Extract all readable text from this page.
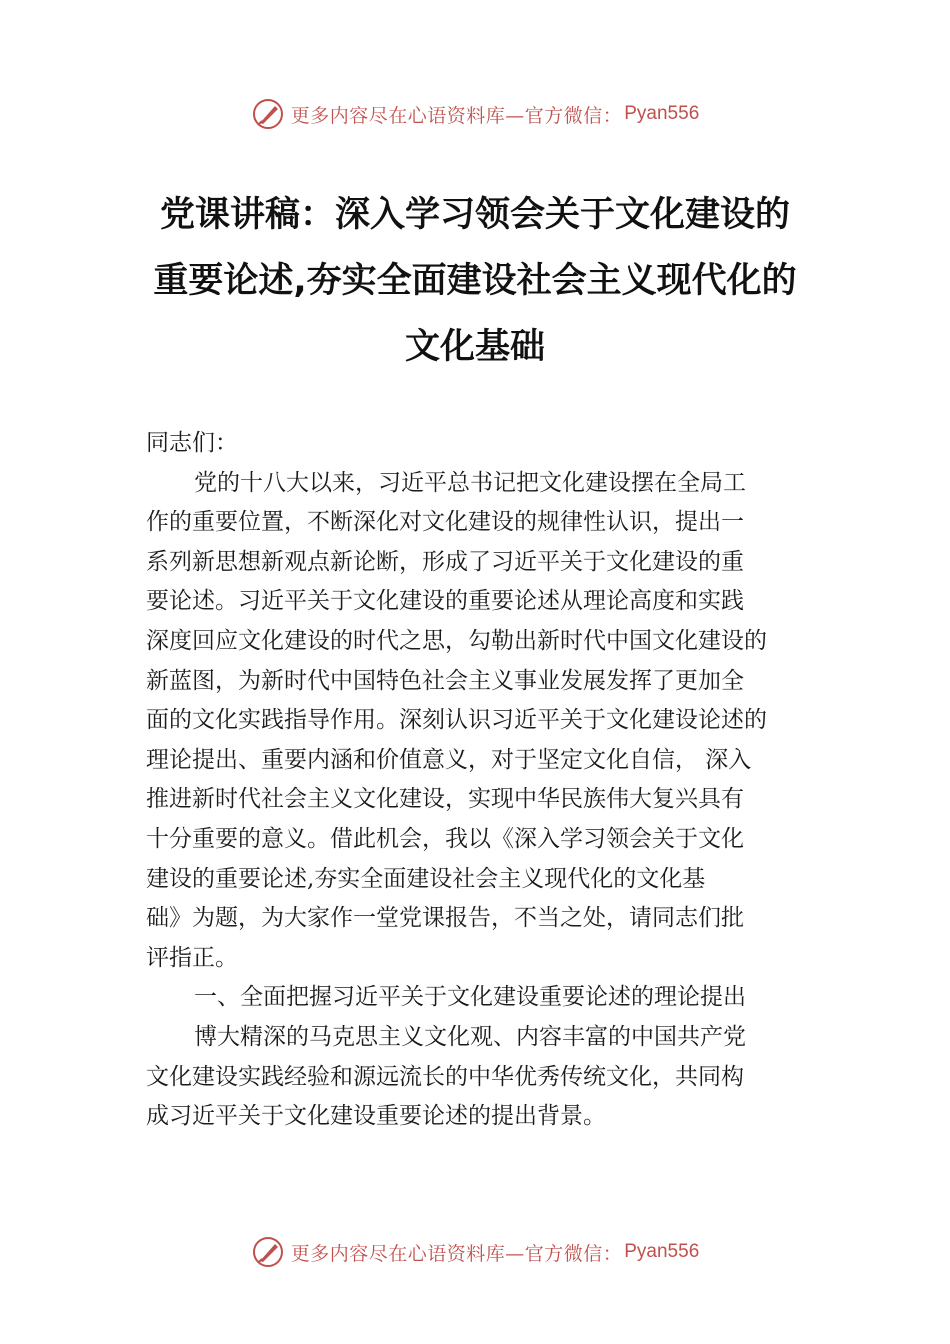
更多内容尽在心语资料库—官方微信： Pyan556
党课讲稿：深入学习领会关于文化建设的
重要论述,夯实全面建设社会主义现代化的
文化基础
同志们：
党的十八大以来，习近平总书记把文化建设摆在全局工
作的重要位置，不断深化对文化建设的规律性认识，提出一
系列新思想新观点新论断，形成了习近平关于文化建设的重
要论述。习近平关于文化建设的重要论述从理论高度和实践
深度回应文化建设的时代之思，勾勒出新时代中国文化建设的
新蓝图，为新时代中国特色社会主义事业发展发挥了更加全
面的文化实践指导作用。深刻认识习近平关于文化建设论述的
理论提出、重要内涵和价值意义，对于坚定文化自信， 深入
推进新时代社会主义文化建设，实现中华民族伟大复兴具有
十分重要的意义。借此机会，我以《深入学习领会关于文化
建设的重要论述,夯实全面建设社会主义现代化的文化基
础》为题，为大家作一堂党课报告，不当之处，请同志们批
评指正。
一、全面把握习近平关于文化建设重要论述的理论提出
博大精深的马克思主义文化观、内容丰富的中国共产党
文化建设实践经验和源远流长的中华优秀传统文化，共同构
成习近平关于文化建设重要论述的提出背景。
更多内容尽在心语资料库—官方微信： Pyan556
